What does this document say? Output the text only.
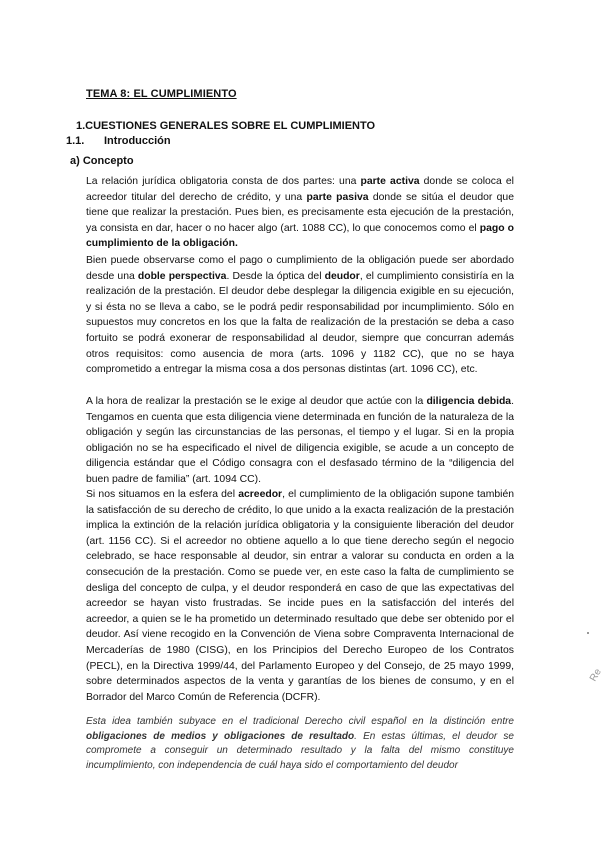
TEMA 8: EL CUMPLIMIENTO
1.CUESTIONES GENERALES SOBRE EL CUMPLIMIENTO
1.1. Introducción
a) Concepto

La relación jurídica obligatoria consta de dos partes: una parte activa donde se coloca el acreedor titular del derecho de crédito, y una parte pasiva donde se sitúa el deudor que tiene que realizar la prestación. Pues bien, es precisamente esta ejecución de la prestación, ya consista en dar, hacer o no hacer algo (art. 1088 CC), lo que conocemos como el pago o cumplimiento de la obligación.

Bien puede observarse como el pago o cumplimiento de la obligación puede ser abordado desde una doble perspectiva. Desde la óptica del deudor, el cumplimiento consistiría en la realización de la prestación. El deudor debe desplegar la diligencia exigible en su ejecución, y si ésta no se lleva a cabo, se le podrá pedir responsabilidad por incumplimiento. Sólo en supuestos muy concretos en los que la falta de realización de la prestación se deba a caso fortuito se podrá exonerar de responsabilidad al deudor, siempre que concurran además otros requisitos: como ausencia de mora (arts. 1096 y 1182 CC), que no se haya comprometido a entregar la misma cosa a dos personas distintas (art. 1096 CC), etc.

A la hora de realizar la prestación se le exige al deudor que actúe con la diligencia debida. Tengamos en cuenta que esta diligencia viene determinada en función de la naturaleza de la obligación y según las circunstancias de las personas, el tiempo y el lugar. Si en la propia obligación no se ha especificado el nivel de diligencia exigible, se acude a un concepto de diligencia estándar que el Código consagra con el desfasado término de la “diligencia del buen padre de familia” (art. 1094 CC).

Si nos situamos en la esfera del acreedor, el cumplimiento de la obligación supone también la satisfacción de su derecho de crédito, lo que unido a la exacta realización de la prestación implica la extinción de la relación jurídica obligatoria y la consiguiente liberación del deudor (art. 1156 CC). Si el acreedor no obtiene aquello a lo que tiene derecho según el negocio celebrado, se hace responsable al deudor, sin entrar a valorar su conducta en orden a la consecución de la prestación. Como se puede ver, en este caso la falta de cumplimiento se desliga del concepto de culpa, y el deudor responderá en caso de que las expectativas del acreedor se hayan visto frustradas. Se incide pues en la satisfacción del interés del acreedor, a quien se le ha prometido un determinado resultado que debe ser obtenido por el deudor. Así viene recogido en la Convención de Viena sobre Compraventa Internacional de Mercaderías de 1980 (CISG), en los Principios del Derecho Europeo de los Contratos (PECL), en la Directiva 1999/44, del Parlamento Europeo y del Consejo, de 25 mayo 1999, sobre determinados aspectos de la venta y garantías de los bienes de consumo, y en el Borrador del Marco Común de Referencia (DCFR).

Esta idea también subyace en el tradicional Derecho civil español en la distinción entre obligaciones de medios y obligaciones de resultado. En estas últimas, el deudor se compromete a conseguir un determinado resultado y la falta del mismo constituye incumplimiento, con independencia de cuál haya sido el comportamiento del deudor

Re
